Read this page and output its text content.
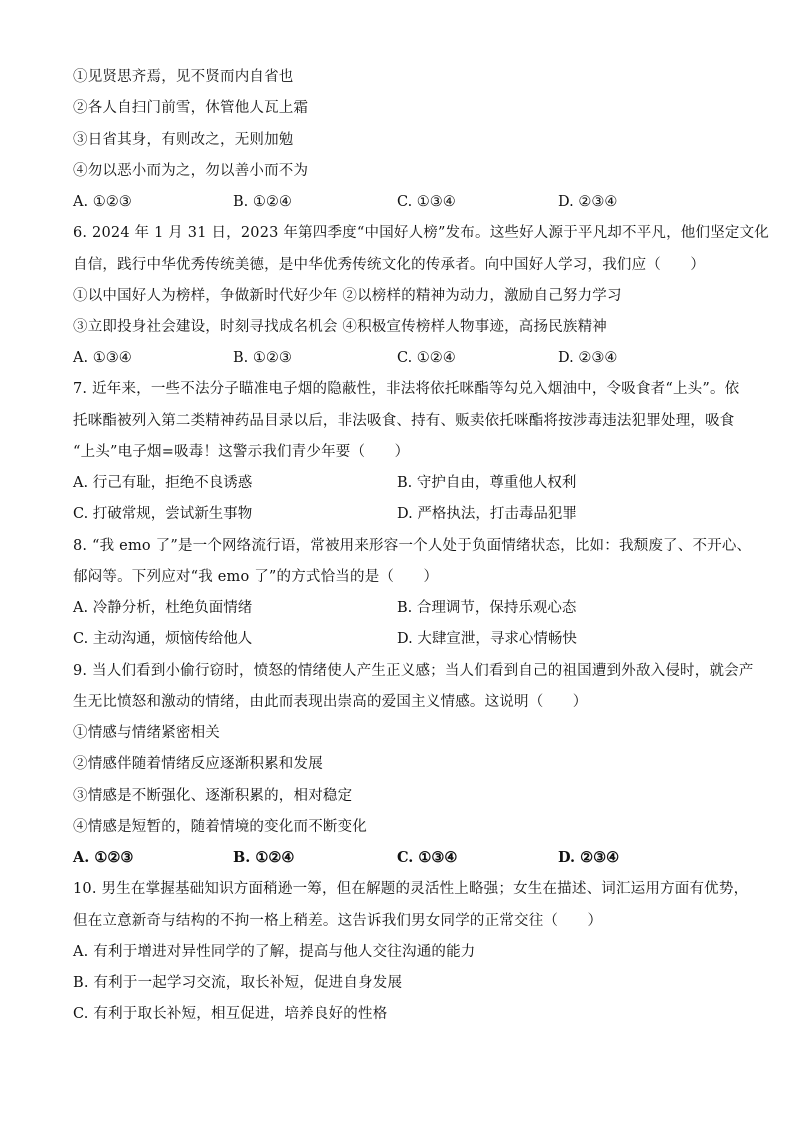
①见贤思齐焉，见不贤而内自省也
②各人自扫门前雪，休管他人瓦上霜
③日省其身，有则改之，无则加勉
④勿以恶小而为之，勿以善小而不为
A. ①②③	B. ①②④	C. ①③④	D. ②③④
6. 2024 年 1 月 31 日，2023 年第四季度“中国好人榜”发布。这些好人源于平凡却不平凡，他们坚定文化
自信，践行中华优秀传统美德，是中华优秀传统文化的传承者。向中国好人学习，我们应（　　）
①以中国好人为榜样，争做新时代好少年 ②以榜样的精神为动力，激励自己努力学习
③立即投身社会建设，时刻寻找成名机会 ④积极宣传榜样人物事迹，高扬民族精神
A. ①③④	B. ①②③	C. ①②④	D. ②③④
7. 近年来，一些不法分子瞄准电子烟的隐蔽性，非法将依托咪酯等勾兑入烟油中，令吸食者“上头”。依
托咪酯被列入第二类精神药品目录以后，非法吸食、持有、贩卖依托咪酯将按涉毒违法犯罪处理，吸食
“上头”电子烟=吸毒！这警示我们青少年要（　　）
A. 行己有耻，拒绝不良诱惑	B. 守护自由，尊重他人权利
C. 打破常规，尝试新生事物	D. 严格执法，打击毒品犯罪
8. “我 emo 了”是一个网络流行语，常被用来形容一个人处于负面情绪状态，比如：我颓废了、不开心、
郁闷等。下列应对“我 emo 了”的方式恰当的是（　　）
A. 冷静分析，杜绝负面情绪	B. 合理调节，保持乐观心态
C. 主动沟通，烦恼传给他人	D. 大肆宣泄，寻求心情畅快
9. 当人们看到小偷行窃时，愤怒的情绪使人产生正义感；当人们看到自己的祖国遭到外敌入侵时，就会产
生无比愤怒和激动的情绪，由此而表现出崇高的爱国主义情感。这说明（　　）
①情感与情绪紧密相关
②情感伴随着情绪反应逐渐积累和发展
③情感是不断强化、逐渐积累的，相对稳定
④情感是短暂的，随着情境的变化而不断变化
A. ①②③	B. ①②④	C. ①③④	D. ②③④
10. 男生在掌握基础知识方面稍逊一筹，但在解题的灵活性上略强；女生在描述、词汇运用方面有优势，
但在立意新奇与结构的不拘一格上稍差。这告诉我们男女同学的正常交往（　　）
A. 有利于增进对异性同学的了解，提高与他人交往沟通的能力
B. 有利于一起学习交流，取长补短，促进自身发展
C. 有利于取长补短，相互促进，培养良好的性格
